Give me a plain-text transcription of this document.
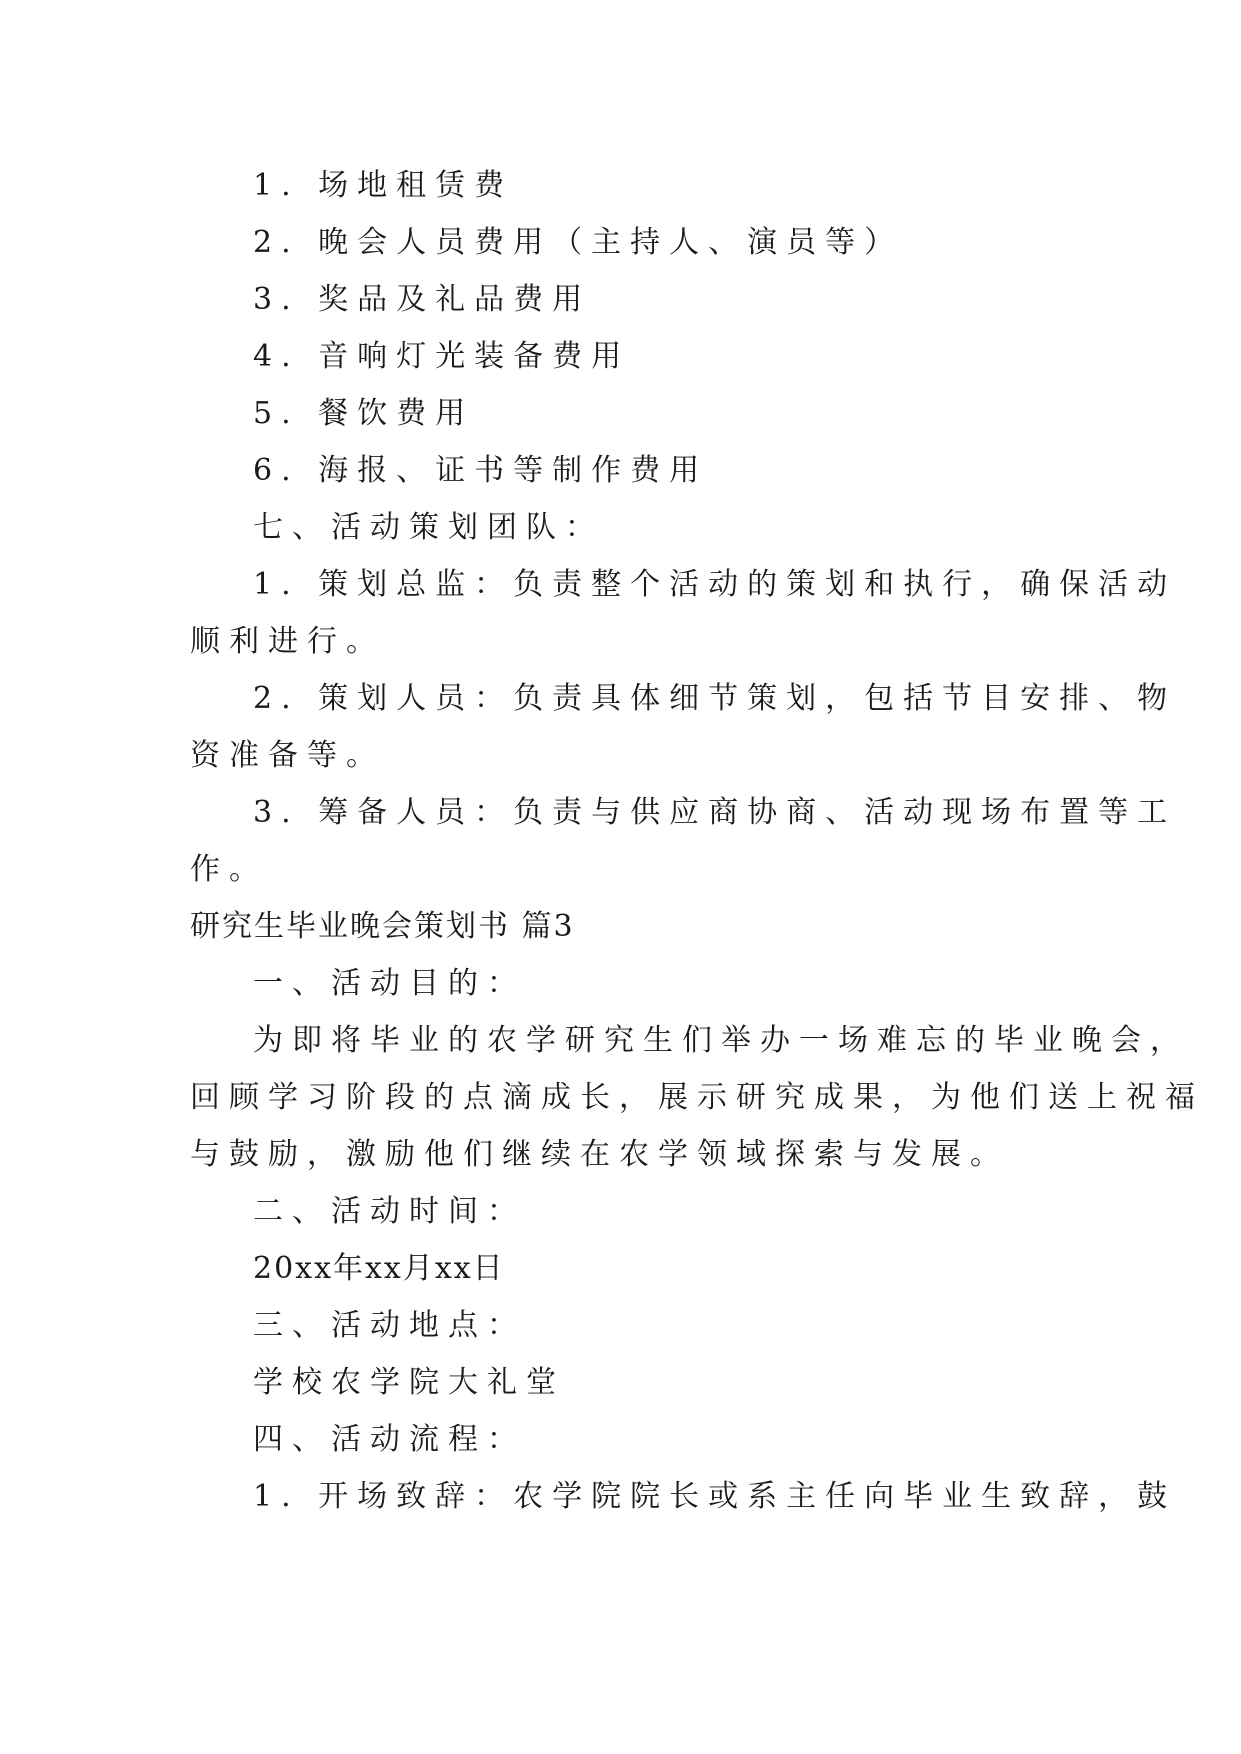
1. 场地租赁费
2. 晚会人员费用（主持人、演员等）
3. 奖品及礼品费用
4. 音响灯光装备费用
5. 餐饮费用
6. 海报、证书等制作费用
七、活动策划团队：
1. 策划总监：负责整个活动的策划和执行，确保活动
顺利进行。
2. 策划人员：负责具体细节策划，包括节目安排、物
资准备等。
3. 筹备人员：负责与供应商协商、活动现场布置等工
作。
研究生毕业晚会策划书 篇3
一、活动目的：
为即将毕业的农学研究生们举办一场难忘的毕业晚会，
回顾学习阶段的点滴成长，展示研究成果，为他们送上祝福
与鼓励，激励他们继续在农学领域探索与发展。
二、活动时间：
20xx年xx月xx日
三、活动地点：
学校农学院大礼堂
四、活动流程：
1. 开场致辞：农学院院长或系主任向毕业生致辞，鼓
